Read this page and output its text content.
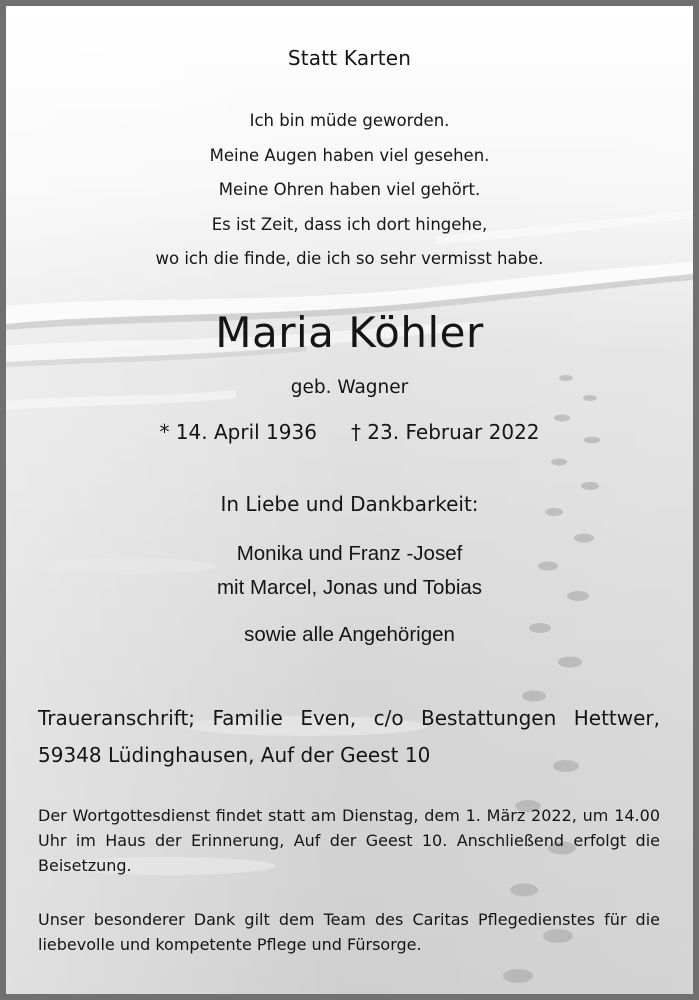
Statt Karten
Ich bin müde geworden.
Meine Augen haben viel gesehen.
Meine Ohren haben viel gehört.
Es ist Zeit, dass ich dort hingehe,
wo ich die finde, die ich so sehr vermisst habe.
Maria Köhler
geb. Wagner
* 14. April 1936 † 23. Februar 2022
In Liebe und Dankbarkeit:
Monika und Franz -Josef
mit Marcel, Jonas und Tobias
sowie alle Angehörigen
Traueranschrift; Familie Even, c/o Bestattungen Hettwer,
59348 Lüdinghausen, Auf der Geest 10
Der Wortgottesdienst findet statt am Dienstag, dem 1. März 2022, um 14.00 Uhr im Haus der Erinnerung, Auf der Geest 10. Anschließend erfolgt die Beisetzung.
Unser besonderer Dank gilt dem Team des Caritas Pflegedienstes für die liebevolle und kompetente Pflege und Fürsorge.
